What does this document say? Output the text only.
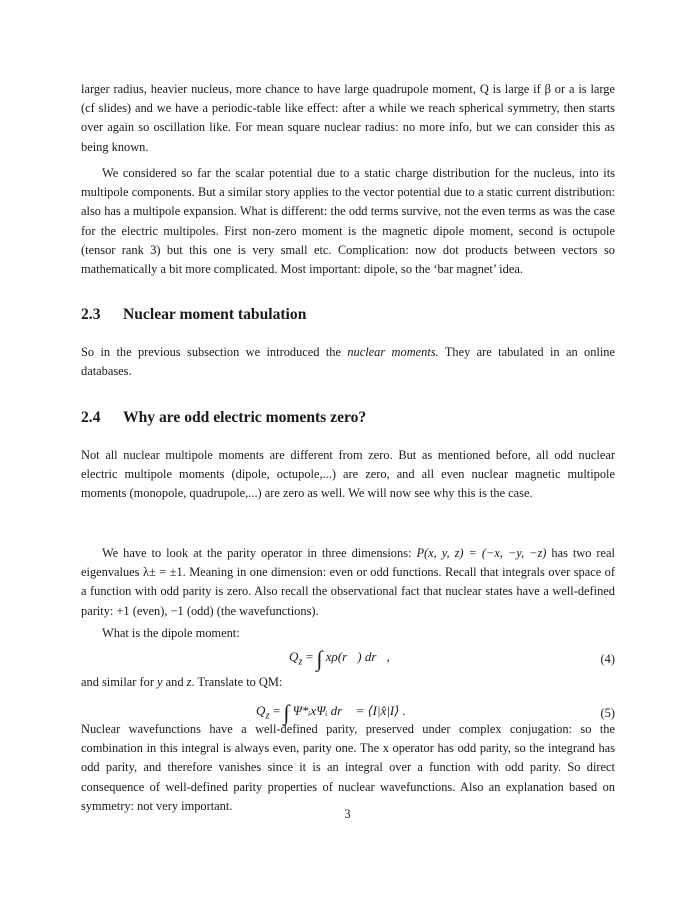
larger radius, heavier nucleus, more chance to have large quadrupole moment, Q is large if β or a is large (cf slides) and we have a periodic-table like effect: after a while we reach spherical symmetry, then starts over again so oscillation like. For mean square nuclear radius: no more info, but we can consider this as being known.

We considered so far the scalar potential due to a static charge distribution for the nucleus, into its multipole components. But a similar story applies to the vector potential due to a static current distribution: also has a multipole expansion. What is different: the odd terms survive, not the even terms as was the case for the electric multipoles. First non-zero moment is the magnetic dipole moment, second is octupole (tensor rank 3) but this one is very small etc. Complication: now dot products between vectors so mathematically a bit more complicated. Most important: dipole, so the ‘bar magnet’ idea.

2.3 Nuclear moment tabulation

So in the previous subsection we introduced the nuclear moments. They are tabulated in an online databases.

2.4 Why are odd electric moments zero?

Not all nuclear multipole moments are different from zero. But as mentioned before, all odd nuclear electric multipole moments (dipole, octupole,...) are zero, and all even nuclear magnetic multipole moments (monopole, quadrupole,...) are zero as well. We will now see why this is the case.

We have to look at the parity operator in three dimensions: P(x, y, z) = (−x, −y, −z) has two real eigenvalues λ± = ±1. Meaning in one dimension: even or odd functions. Recall that integrals over space of a function with odd parity is zero. Also recall the observational fact that nuclear states have a well-defined parity: +1 (even), −1 (odd) (the wavefunctions).

What is the dipole moment:

$Q_z$ = ∫ xρ(r⃗) dr⃗,	(4)

and similar for y and z. Translate to QM:

$Q_z$ = ∫ Ψ*ᵢxΨᵢ dr⃗ = ⟨I|x̂|I⟩ .	(5)

Nuclear wavefunctions have a well-defined parity, preserved under complex conjugation: so the combination in this integral is always even, parity one. The x operator has odd parity, so the integrand has odd parity, and therefore vanishes since it is an integral over a function with odd parity. So direct consequence of well-defined parity properties of nuclear wavefunctions. Also an explanation based on symmetry: not very important.

3
